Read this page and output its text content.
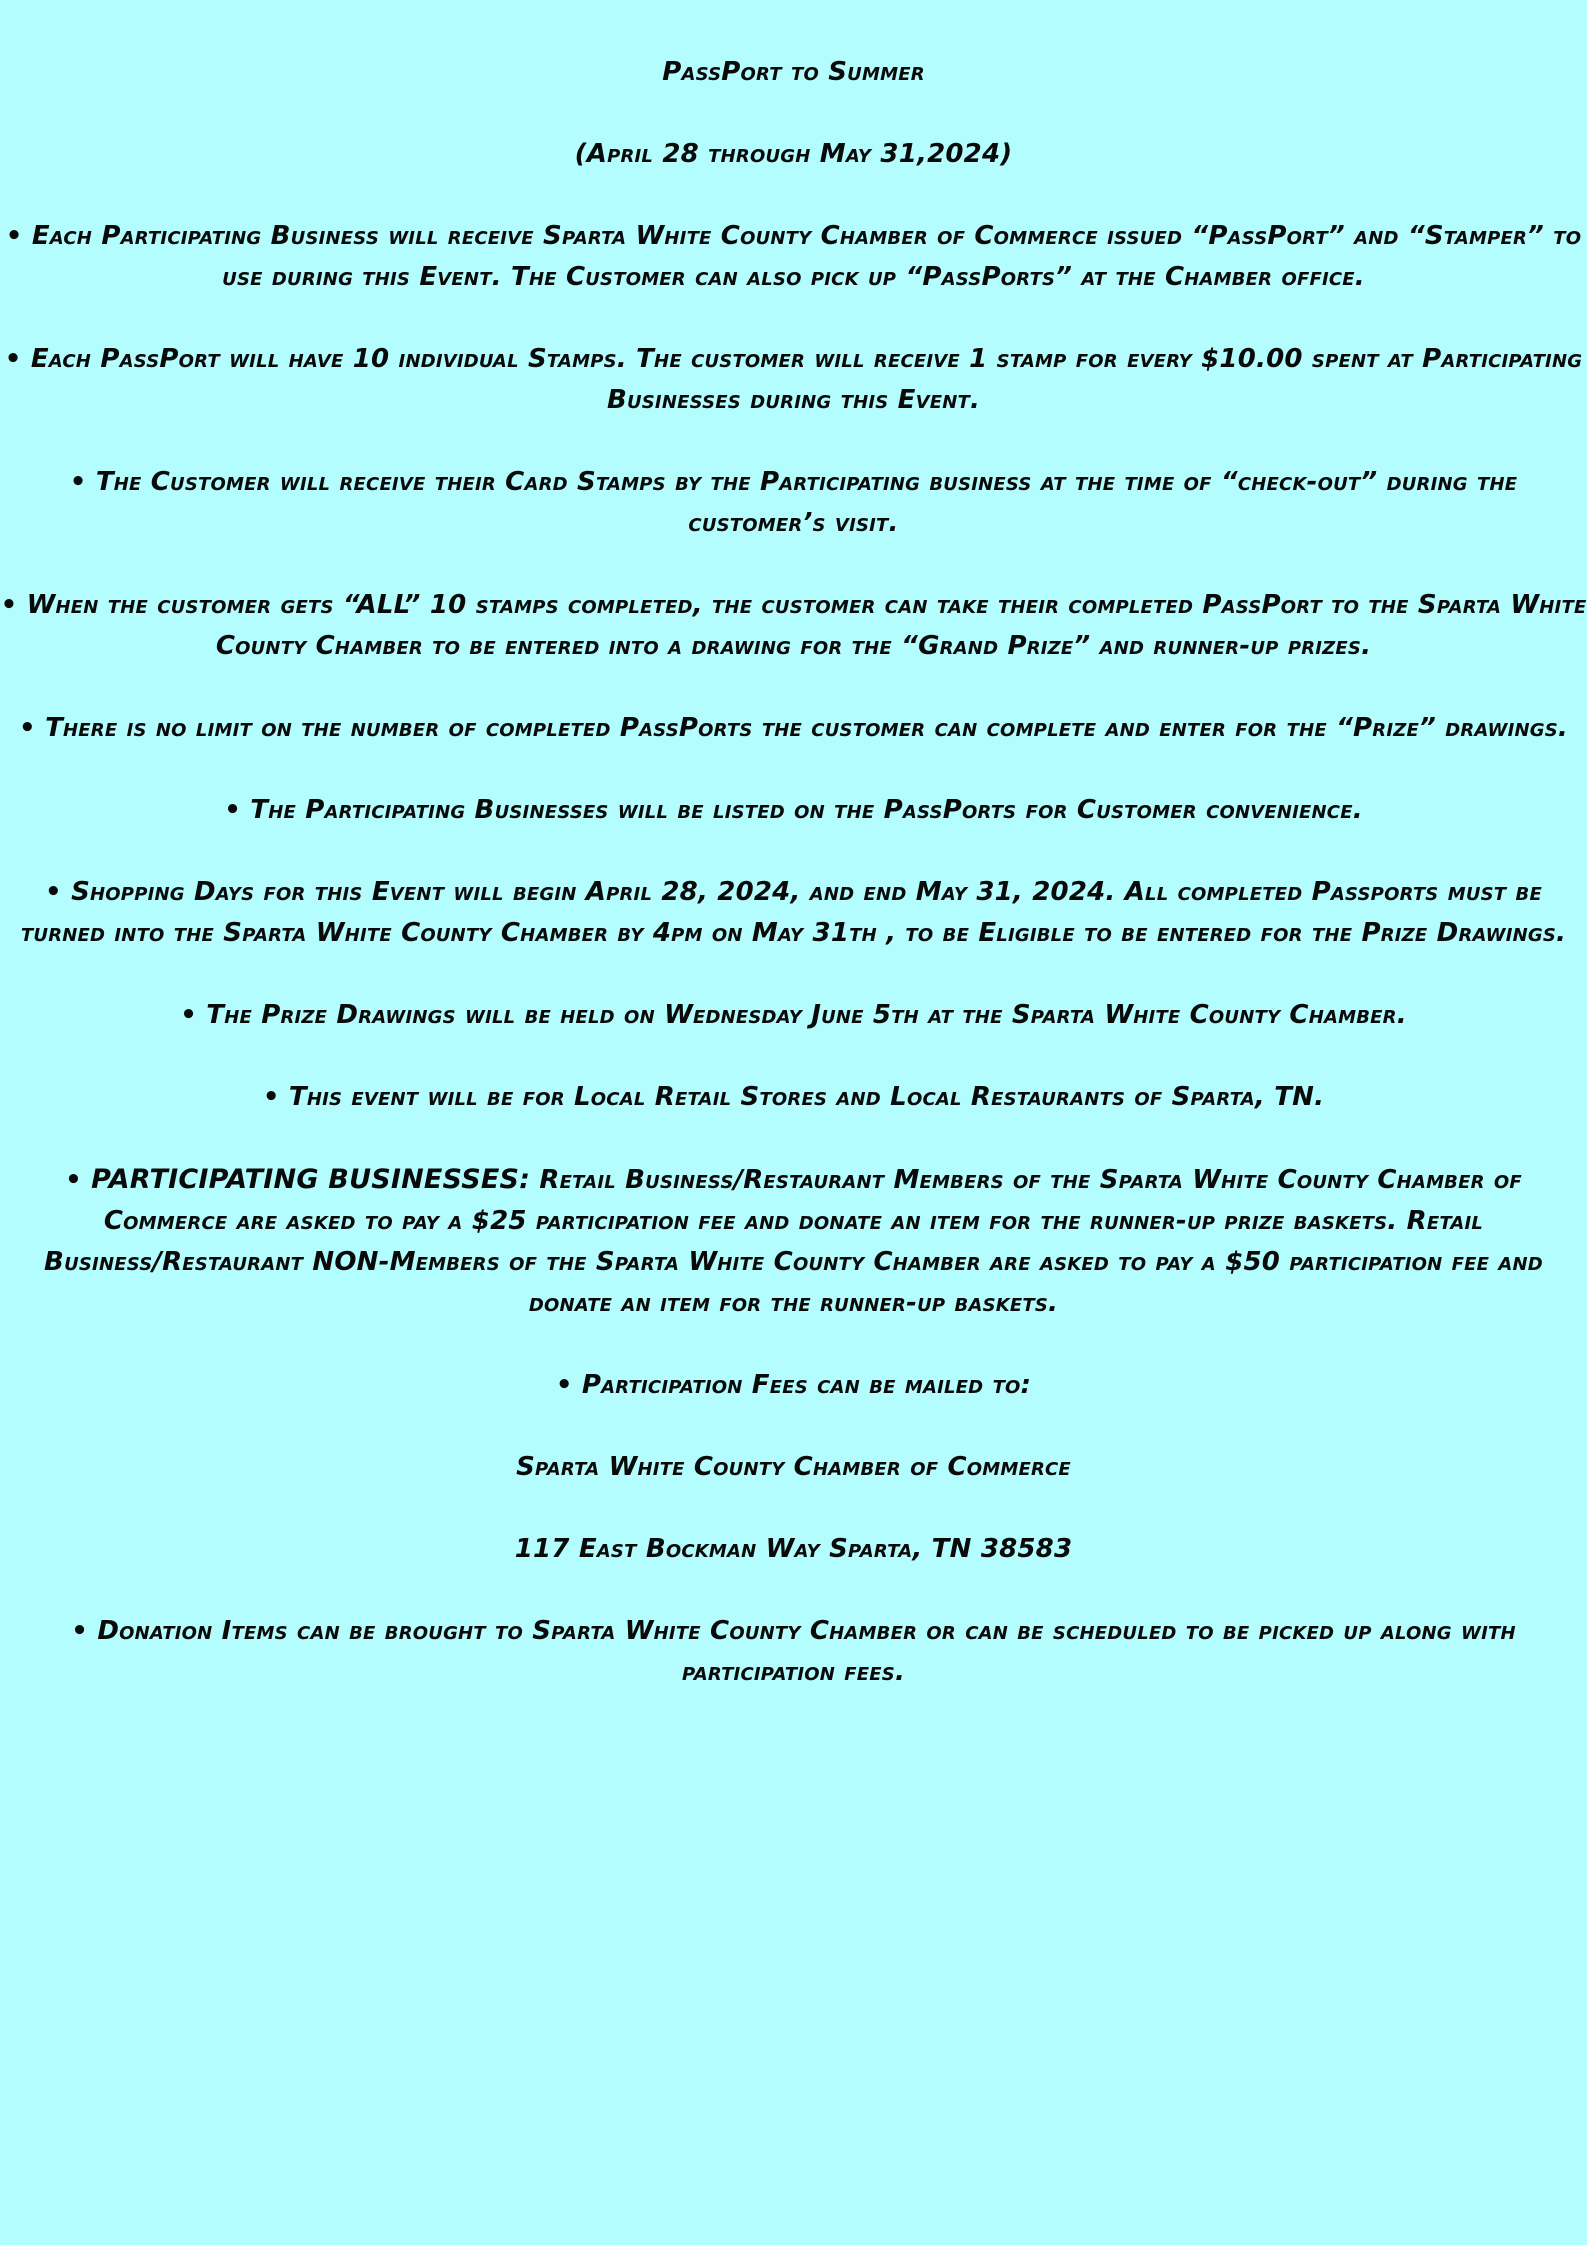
PassPort to Summer

(April 28 through May 31,2024)

• Each Participating Business will receive Sparta White County Chamber of Commerce issued “PassPort” and “Stamper” to use during this Event. The Customer can also pick up “PassPorts” at the Chamber office.

• Each PassPort will have 10 individual Stamps. The customer will receive 1 stamp for every $10.00 spent at Participating Businesses during this Event.

• The Customer will receive their Card Stamps by the Participating business at the time of “check-out” during the customer’s visit.

• When the customer gets “ALL” 10 stamps completed, the customer can take their completed PassPort to the Sparta White County Chamber to be entered into a drawing for the “Grand Prize” and runner-up prizes.

• There is no limit on the number of completed PassPorts the customer can complete and enter for the “Prize” drawings.

• The Participating Businesses will be listed on the PassPorts for Customer convenience.

• Shopping Days for this Event will begin April 28, 2024, and end May 31, 2024. All completed Passports must be turned into the Sparta White County Chamber by 4pm on May 31th , to be Eligible to be entered for the Prize Drawings.

• The Prize Drawings will be held on Wednesday June 5th at the Sparta White County Chamber.

• This event will be for Local Retail Stores and Local Restaurants of Sparta, TN.

• PARTICIPATING BUSINESSES: Retail Business/Restaurant Members of the Sparta White County Chamber of Commerce are asked to pay a $25 participation fee and donate an item for the runner-up prize baskets. Retail Business/Restaurant NON-Members of the Sparta White County Chamber are asked to pay a $50 participation fee and donate an item for the runner-up baskets.

• Participation Fees can be mailed to:

Sparta White County Chamber of Commerce

117 East Bockman Way Sparta, TN 38583

• Donation Items can be brought to Sparta White County Chamber or can be scheduled to be picked up along with participation fees.
